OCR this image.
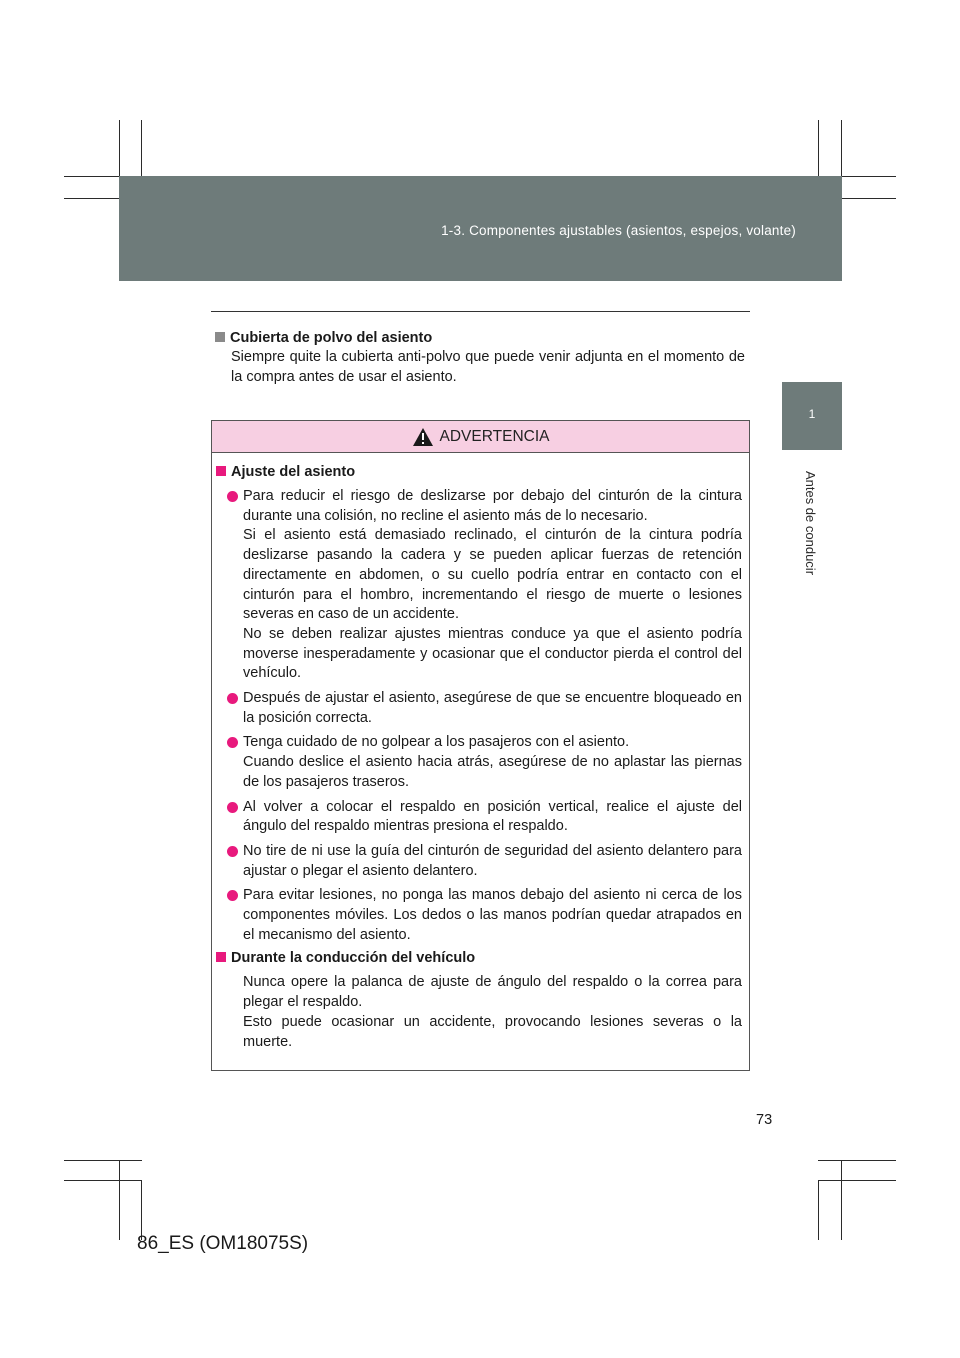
1-3. Componentes ajustables (asientos, espejos, volante)
1
Antes de conducir
Cubierta de polvo del asiento
Siempre quite la cubierta anti-polvo que puede venir adjunta en el momento de la compra antes de usar el asiento.
ADVERTENCIA
Ajuste del asiento
Para reducir el riesgo de deslizarse por debajo del cinturón de la cintura durante una colisión, no recline el asiento más de lo necesario.
Si el asiento está demasiado reclinado, el cinturón de la cintura podría deslizarse pasando la cadera y se pueden aplicar fuerzas de retención directamente en abdomen, o su cuello podría entrar en contacto con el cinturón para el hombro, incrementando el riesgo de muerte o lesiones severas en caso de un accidente.
No se deben realizar ajustes mientras conduce ya que el asiento podría moverse inesperadamente y ocasionar que el conductor pierda el control del vehículo.
Después de ajustar el asiento, asegúrese de que se encuentre bloqueado en la posición correcta.
Tenga cuidado de no golpear a los pasajeros con el asiento.
Cuando deslice el asiento hacia atrás, asegúrese de no aplastar las piernas de los pasajeros traseros.
Al volver a colocar el respaldo en posición vertical, realice el ajuste del ángulo del respaldo mientras presiona el respaldo.
No tire de ni use la guía del cinturón de seguridad del asiento delantero para ajustar o plegar el asiento delantero.
Para evitar lesiones, no ponga las manos debajo del asiento ni cerca de los componentes móviles. Los dedos o las manos podrían quedar atrapados en el mecanismo del asiento.
Durante la conducción del vehículo
Nunca opere la palanca de ajuste de ángulo del respaldo o la correa para plegar el respaldo.
Esto puede ocasionar un accidente, provocando lesiones severas o la muerte.
73
86_ES (OM18075S)
